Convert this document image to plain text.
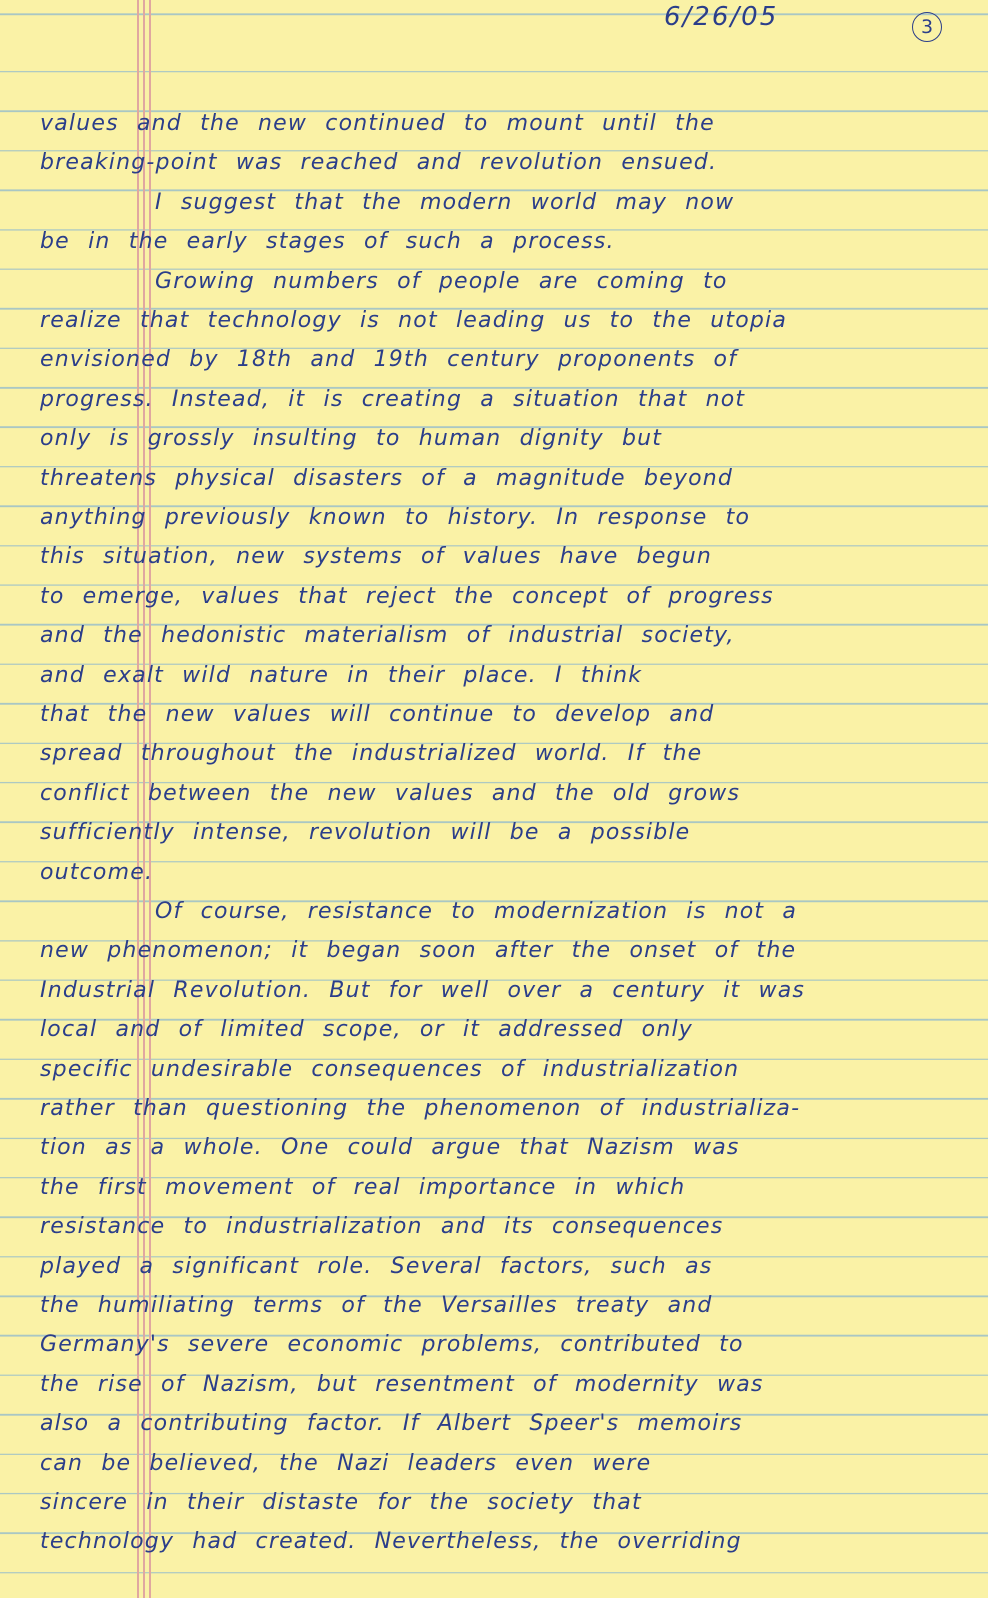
6/26/05	3
values and the new continued to mount until the
breaking-point was reached and revolution ensued.
I suggest that the modern world may now
be in the early stages of such a process.
Growing numbers of people are coming to
realize that technology is not leading us to the utopia
envisioned by 18th and 19th century proponents of
progress. Instead, it is creating a situation that not
only is grossly insulting to human dignity but
threatens physical disasters of a magnitude beyond
anything previously known to history. In response to
this situation, new systems of values have begun
to emerge, values that reject the concept of progress
and the hedonistic materialism of industrial society,
and exalt wild nature in their place. I think
that the new values will continue to develop and
spread throughout the industrialized world. If the
conflict between the new values and the old grows
sufficiently intense, revolution will be a possible
outcome.
Of course, resistance to modernization is not a
new phenomenon; it began soon after the onset of the
Industrial Revolution. But for well over a century it was
local and of limited scope, or it addressed only
specific undesirable consequences of industrialization
rather than questioning the phenomenon of industrializa-
tion as a whole. One could argue that Nazism was
the first movement of real importance in which
resistance to industrialization and its consequences
played a significant role. Several factors, such as
the humiliating terms of the Versailles treaty and
Germany's severe economic problems, contributed to
the rise of Nazism, but resentment of modernity was
also a contributing factor. If Albert Speer's memoirs
can be believed, the Nazi leaders even were
sincere in their distaste for the society that
technology had created. Nevertheless, the overriding
